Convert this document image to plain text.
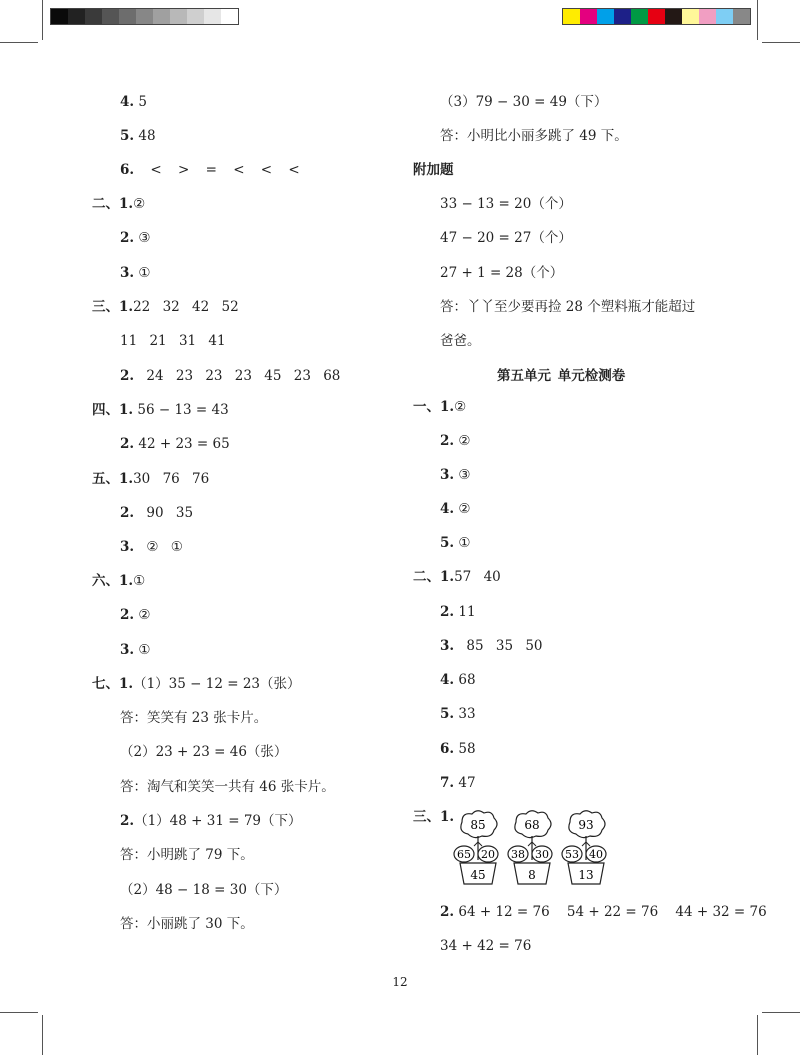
4. 5
5. 48
6. < > = < < <
二、1.②
2. ③
3. ①
三、1.22 32 42 52
11 21 31 41
2. 24 23 23 23 45 23 68
四、1. 56 − 13 = 43
2. 42 + 23 = 65
五、1.30 76 76
2. 90 35
3. ② ①
六、1.①
2. ②
3. ①
七、1.（1）35 − 12 = 23（张）
答：笑笑有 23 张卡片。
（2）23 + 23 = 46（张）
答：淘气和笑笑一共有 46 张卡片。
2.（1）48 + 31 = 79（下）
答：小明跳了 79 下。
（2）48 − 18 = 30（下）
答：小丽跳了 30 下。
（3）79 − 30 = 49（下）
答：小明比小丽多跳了 49 下。
附加题
33 − 13 = 20（个）
47 − 20 = 27（个）
27 + 1 = 28（个）
答：丫丫至少要再捡 28 个塑料瓶才能超过
爸爸。
第五单元 单元检测卷
一、1.②
2. ②
3. ③
4. ②
5. ①
二、1.57 40
2. 11
3. 85 35 50
4. 68
5. 33
6. 58
7. 47
三、1. 85
65 20
45
68
38 30
8
93
53 40
13
2. 64 + 12 = 76    54 + 22 = 76    44 + 32 = 76
34 + 42 = 76
12
